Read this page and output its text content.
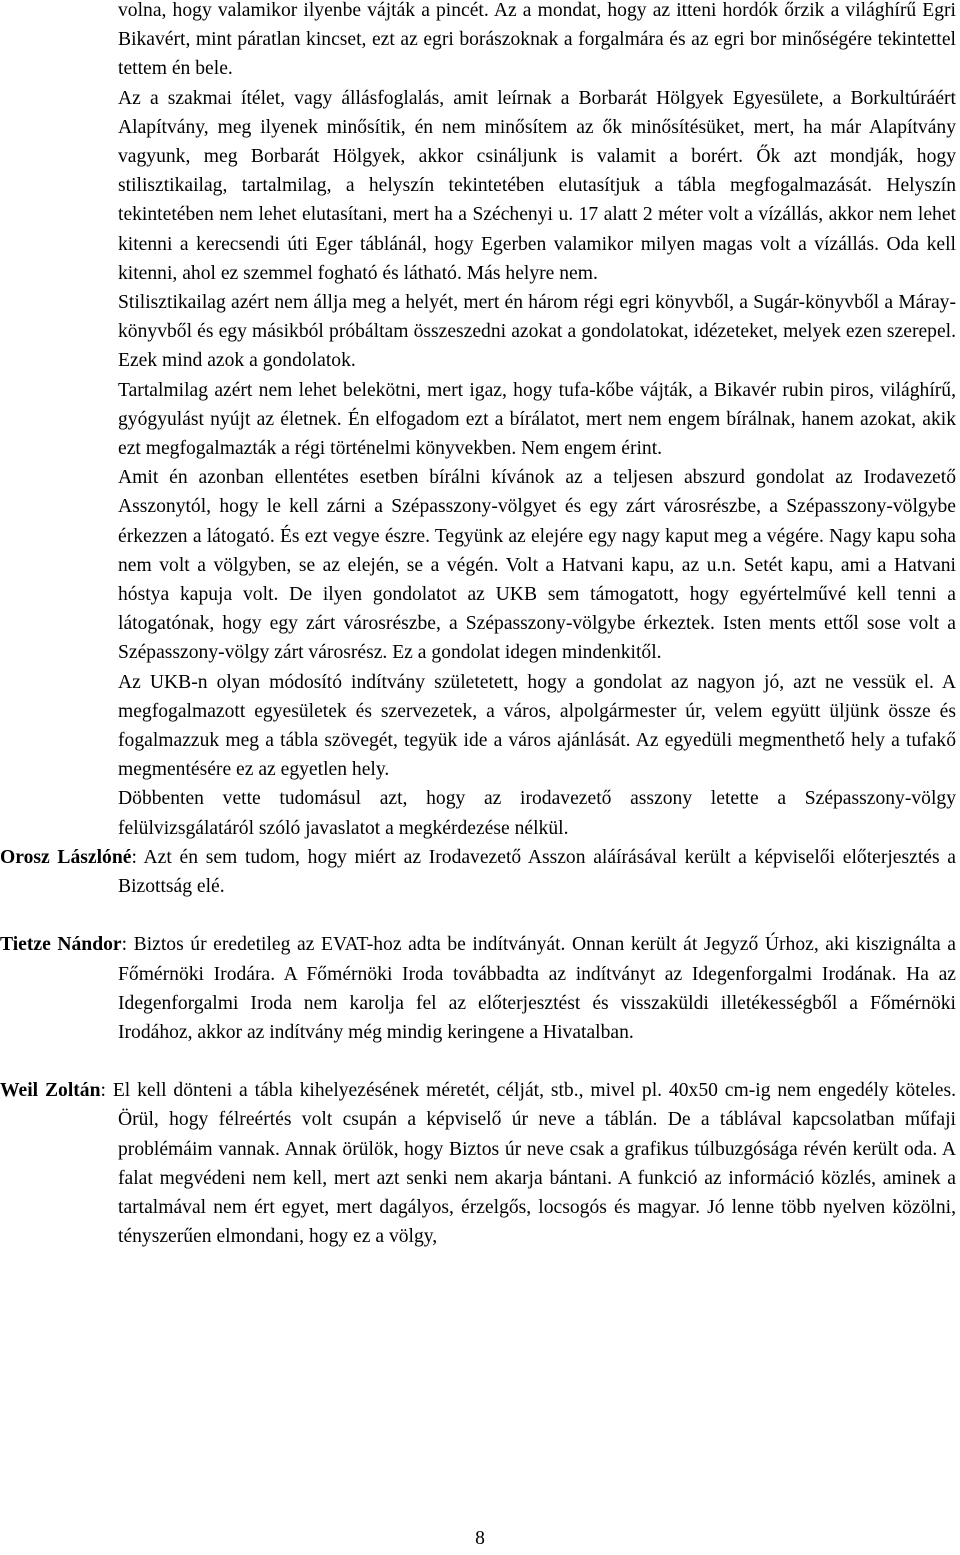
volna, hogy valamikor ilyenbe vájták a pincét. Az a mondat, hogy az itteni hordók őrzik a világhírű Egri Bikavért, mint páratlan kincset, ezt az egri borászoknak a forgalmára és az egri bor minőségére tekintettel tettem én bele.

Az a szakmai ítélet, vagy állásfoglalás, amit leírnak a Borbarát Hölgyek Egyesülete, a Borkultúráért Alapítvány, meg ilyenek minősítik, én nem minősítem az ők minősítésüket, mert, ha már Alapítvány vagyunk, meg Borbarát Hölgyek, akkor csináljunk is valamit a borért. Ők azt mondják, hogy stilisztikailag, tartalmilag, a helyszín tekintetében elutasítjuk a tábla megfogalmazását. Helyszín tekintetében nem lehet elutasítani, mert ha a Széchenyi u. 17 alatt 2 méter volt a vízállás, akkor nem lehet kitenni a kerecsendi úti Eger táblánál, hogy Egerben valamikor milyen magas volt a vízállás. Oda kell kitenni, ahol ez szemmel fogható és látható. Más helyre nem.

Stilisztikailag azért nem állja meg a helyét, mert én három régi egri könyvből, a Sugár-könyvből a Máray-könyvből és egy másikból próbáltam összeszedni azokat a gondolatokat, idézeteket, melyek ezen szerepel. Ezek mind azok a gondolatok.

Tartalmilag azért nem lehet belekötni, mert igaz, hogy tufa-kőbe vájták, a Bikavér rubin piros, világhírű, gyógyulást nyújt az életnek. Én elfogadom ezt a bírálatot, mert nem engem bírálnak, hanem azokat, akik ezt megfogalmazták a régi történelmi könyvekben. Nem engem érint.

Amit én azonban ellentétes esetben bírálni kívánok az a teljesen abszurd gondolat az Irodavezető Asszonytól, hogy le kell zárni a Szépasszony-völgyet és egy zárt városrészbe, a Szépasszony-völgybe érkezzen a látogató. És ezt vegye észre. Tegyünk az elejére egy nagy kaput meg a végére. Nagy kapu soha nem volt a völgyben, se az elején, se a végén. Volt a Hatvani kapu, az u.n. Setét kapu, ami a Hatvani hóstya kapuja volt. De ilyen gondolatot az UKB sem támogatott, hogy egyértelművé kell tenni a látogatónak, hogy egy zárt városrészbe, a Szépasszony-völgybe érkeztek. Isten ments ettől sose volt a Szépasszony-völgy zárt városrész. Ez a gondolat idegen mindenkitől.

Az UKB-n olyan módosító indítvány születetett, hogy a gondolat az nagyon jó, azt ne vessük el. A megfogalmazott egyesületek és szervezetek, a város, alpolgármester úr, velem együtt üljünk össze és fogalmazzuk meg a tábla szövegét, tegyük ide a város ajánlását. Az egyedüli megmenthető hely a tufakő megmentésére ez az egyetlen hely.

Döbbenten vette tudomásul azt, hogy az irodavezető asszony letette a Szépasszony-völgy felülvizsgálatáról szóló javaslatot a megkérdezése nélkül.

Orosz Lászlóné: Azt én sem tudom, hogy miért az Irodavezető Asszon aláírásával került a képviselői előterjesztés a Bizottság elé.

Tietze Nándor: Biztos úr eredetileg az EVAT-hoz adta be indítványát. Onnan került át Jegyző Úrhoz, aki kiszignálta a Főmérnöki Irodára. A Főmérnöki Iroda továbbadta az indítványt az Idegenforgalmi Irodának. Ha az Idegenforgalmi Iroda nem karolja fel az előterjesztést és visszaküldi illetékességből a Főmérnöki Irodához, akkor az indítvány még mindig keringene a Hivatalban.

Weil Zoltán: El kell dönteni a tábla kihelyezésének méretét, célját, stb., mivel pl. 40x50 cm-ig nem engedély köteles. Örül, hogy félreértés volt csupán a képviselő úr neve a táblán. De a táblával kapcsolatban műfaji problémáim vannak. Annak örülök, hogy Biztos úr neve csak a grafikus túlbuzgósága révén került oda. A falat megvédeni nem kell, mert azt senki nem akarja bántani. A funkció az információ közlés, aminek a tartalmával nem ért egyet, mert dagályos, érzelgős, locsogós és magyar. Jó lenne több nyelven közölni, tényszerűen elmondani, hogy ez a völgy,

8
